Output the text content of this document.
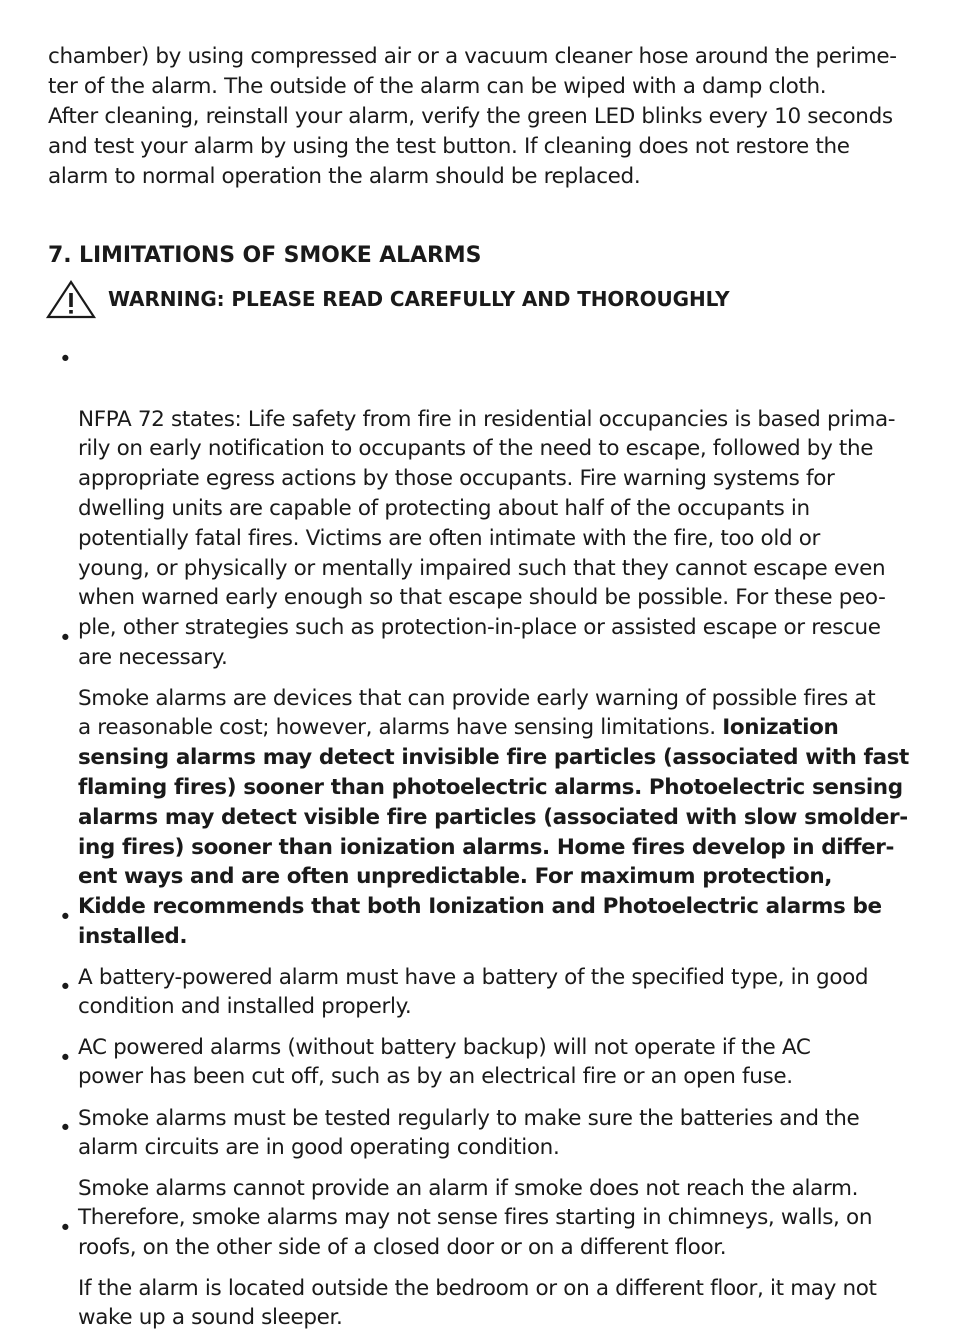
chamber) by using compressed air or a vacuum cleaner hose around the perime-
ter of the alarm. The outside of the alarm can be wiped with a damp cloth.
After cleaning, reinstall your alarm, verify the green LED blinks every 10 seconds
and test your alarm by using the test button. If cleaning does not restore the
alarm to normal operation the alarm should be replaced.

7. LIMITATIONS OF SMOKE ALARMS
WARNING: PLEASE READ CAREFULLY AND THOROUGHLY

•

NFPA 72 states: Life safety from fire in residential occupancies is based prima-
rily on early notification to occupants of the need to escape, followed by the
appropriate egress actions by those occupants. Fire warning systems for
dwelling units are capable of protecting about half of the occupants in
potentially fatal fires. Victims are often intimate with the fire, too old or
young, or physically or mentally impaired such that they cannot escape even
when warned early enough so that escape should be possible. For these peo-
ple, other strategies such as protection-in-place or assisted escape or rescue
are necessary.

•

Smoke alarms are devices that can provide early warning of possible fires at
a reasonable cost; however, alarms have sensing limitations. Ionization
sensing alarms may detect invisible fire particles (associated with fast
flaming fires) sooner than photoelectric alarms. Photoelectric sensing
alarms may detect visible fire particles (associated with slow smolder-
ing fires) sooner than ionization alarms. Home fires develop in differ-
ent ways and are often unpredictable. For maximum protection,
Kidde recommends that both Ionization and Photoelectric alarms be
installed.

•

A battery-powered alarm must have a battery of the specified type, in good
condition and installed properly.

•

AC powered alarms (without battery backup) will not operate if the AC
power has been cut off, such as by an electrical fire or an open fuse.

•

Smoke alarms must be tested regularly to make sure the batteries and the
alarm circuits are in good operating condition.

•

Smoke alarms cannot provide an alarm if smoke does not reach the alarm.
Therefore, smoke alarms may not sense fires starting in chimneys, walls, on
roofs, on the other side of a closed door or on a different floor.

•

If the alarm is located outside the bedroom or on a different floor, it may not
wake up a sound sleeper.
